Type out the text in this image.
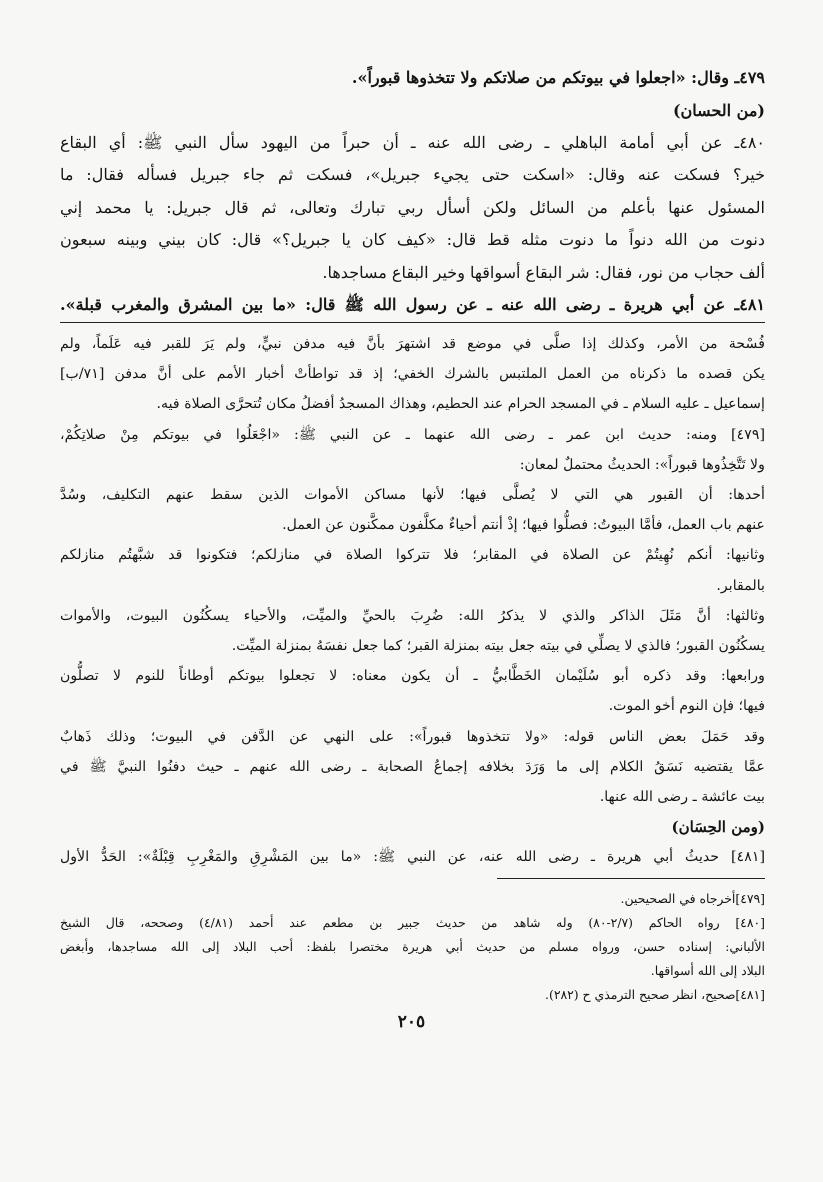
٤٧٩ـ وقال: «اجعلوا في بيوتكم من صلاتكم ولا تتخذوها قبوراً».

(من الحسان)

٤٨٠ـ عن أبي أمامة الباهلي ـ رضى الله عنه ـ أن حبراً من اليهود سأل النبي ﷺ: أي البقاع

خير؟ فسكت عنه وقال: «اسكت حتى يجيء جبريل»، فسكت ثم جاء جبريل فسأله فقال: ما

المسئول عنها بأعلم من السائل ولكن أسأل ربي تبارك وتعالى، ثم قال جبريل: يا محمد إني

دنوت من الله دنواً ما دنوت مثله قط قال: «كيف كان يا جبريل؟» قال: كان بيني وبينه سبعون

ألف حجاب من نور، فقال: شر البقاع أسواقها وخير البقاع مساجدها.

٤٨١ـ عن أبي هريرة ـ رضى الله عنه ـ عن رسول الله ﷺ قال: «ما بين المشرق والمغرب قبلة».

فُسْحة من الأمر، وكذلك إذا صلَّى في موضع قد اشتهرَ بأنَّ فيه مدفن نبيٍّ، ولم يَرَ للقبر فيه عَلَماً، ولم

يكن قصده ما ذكرناه من العمل الملتبس بالشرك الخفي؛ إذ قد تواطأتْ أخبار الأمم على أنَّ مدفن [٧١/ب]

إسماعيل ـ عليه السلام ـ في المسجد الحرام عند الحطيم، وهذاك المسجدُ أفضلُ مكان تُتحرَّى الصلاة فيه.

[٤٧٩] ومنه: حديث ابن عمر ـ رضى الله عنهما ـ عن النبي ﷺ: «اجْعَلُوا في بيوتكم مِنْ صلاتِكُمْ،

ولا تَتَّخِذُوها قبوراً»: الحديثُ محتملٌ لمعان:

أحدها: أن القبور هي التي لا يُصلَّى فيها؛ لأنها مساكن الأموات الذين سقط عنهم التكليف، وسُدَّ

عنهم باب العمل، فأمَّا البيوتُ: فصلُّوا فيها؛ إذْ أنتم أحياءٌ مكلَّفون ممكَّنون عن العمل.

وثانيها: أنكم نُهِيتُمْ عن الصلاة في المقابر؛ فلا تتركوا الصلاة في منازلكم؛ فتكونوا قد شبَّهتُم منازلكم

بالمقابر.

وثالثها: أنَّ مَثَلَ الذاكر والذي لا يذكرُ الله: ضُرِبَ بالحيِّ والميِّت، والأحياء يسكُنُون البيوت، والأموات

يسكُنُون القبور؛ فالذي لا يصلِّي في بيته جعل بيته بمنزلة القبر؛ كما جعل نفسَهُ بمنزلة الميِّت.

ورابعها: وقد ذكره أبو سُلَيْمان الخَطَّابيُّ ـ أن يكون معناه: لا تجعلوا بيوتكم أوطاناً للنوم لا تصلُّون

فيها؛ فإن النوم أخو الموت.

وقد حَمَلَ بعض الناس قوله: «ولا تتخذوها قبوراً»: على النهي عن الدَّفن في البيوت؛ وذلك ذَهابٌ

عمَّا يقتضيه نَسَقُ الكلام إلى ما وَرَدَ بخلافه إجماعُ الصحابة ـ رضى الله عنهم ـ حيث دفنُوا النبيَّ ﷺ في

بيت عائشة ـ رضى الله عنها.

(ومن الحِسَان)

[٤٨١] حديثُ أبي هريرة ـ رضى الله عنه، عن النبي ﷺ: «ما بين المَشْرِقِ والمَغْرِبِ قِبْلَةٌ»: الحَدُّ الأول

[٤٧٩]أخرجاه في الصحيحين.

[٤٨٠] رواه الحاكم (٢/٧-٨٠) وله شاهد من حديث جبير بن مطعم عند أحمد (٤/٨١) وصححه، قال الشيخ

الألباني: إسناده حسن، ورواه مسلم من حديث أبي هريرة مختصرا بلفظ: أحب البلاد إلى الله مساجدها، وأبغض

البلاد إلى الله أسواقها.

[٤٨١]صحيح، انظر صحيح الترمذي ح (٢٨٢).

٢٠٥
